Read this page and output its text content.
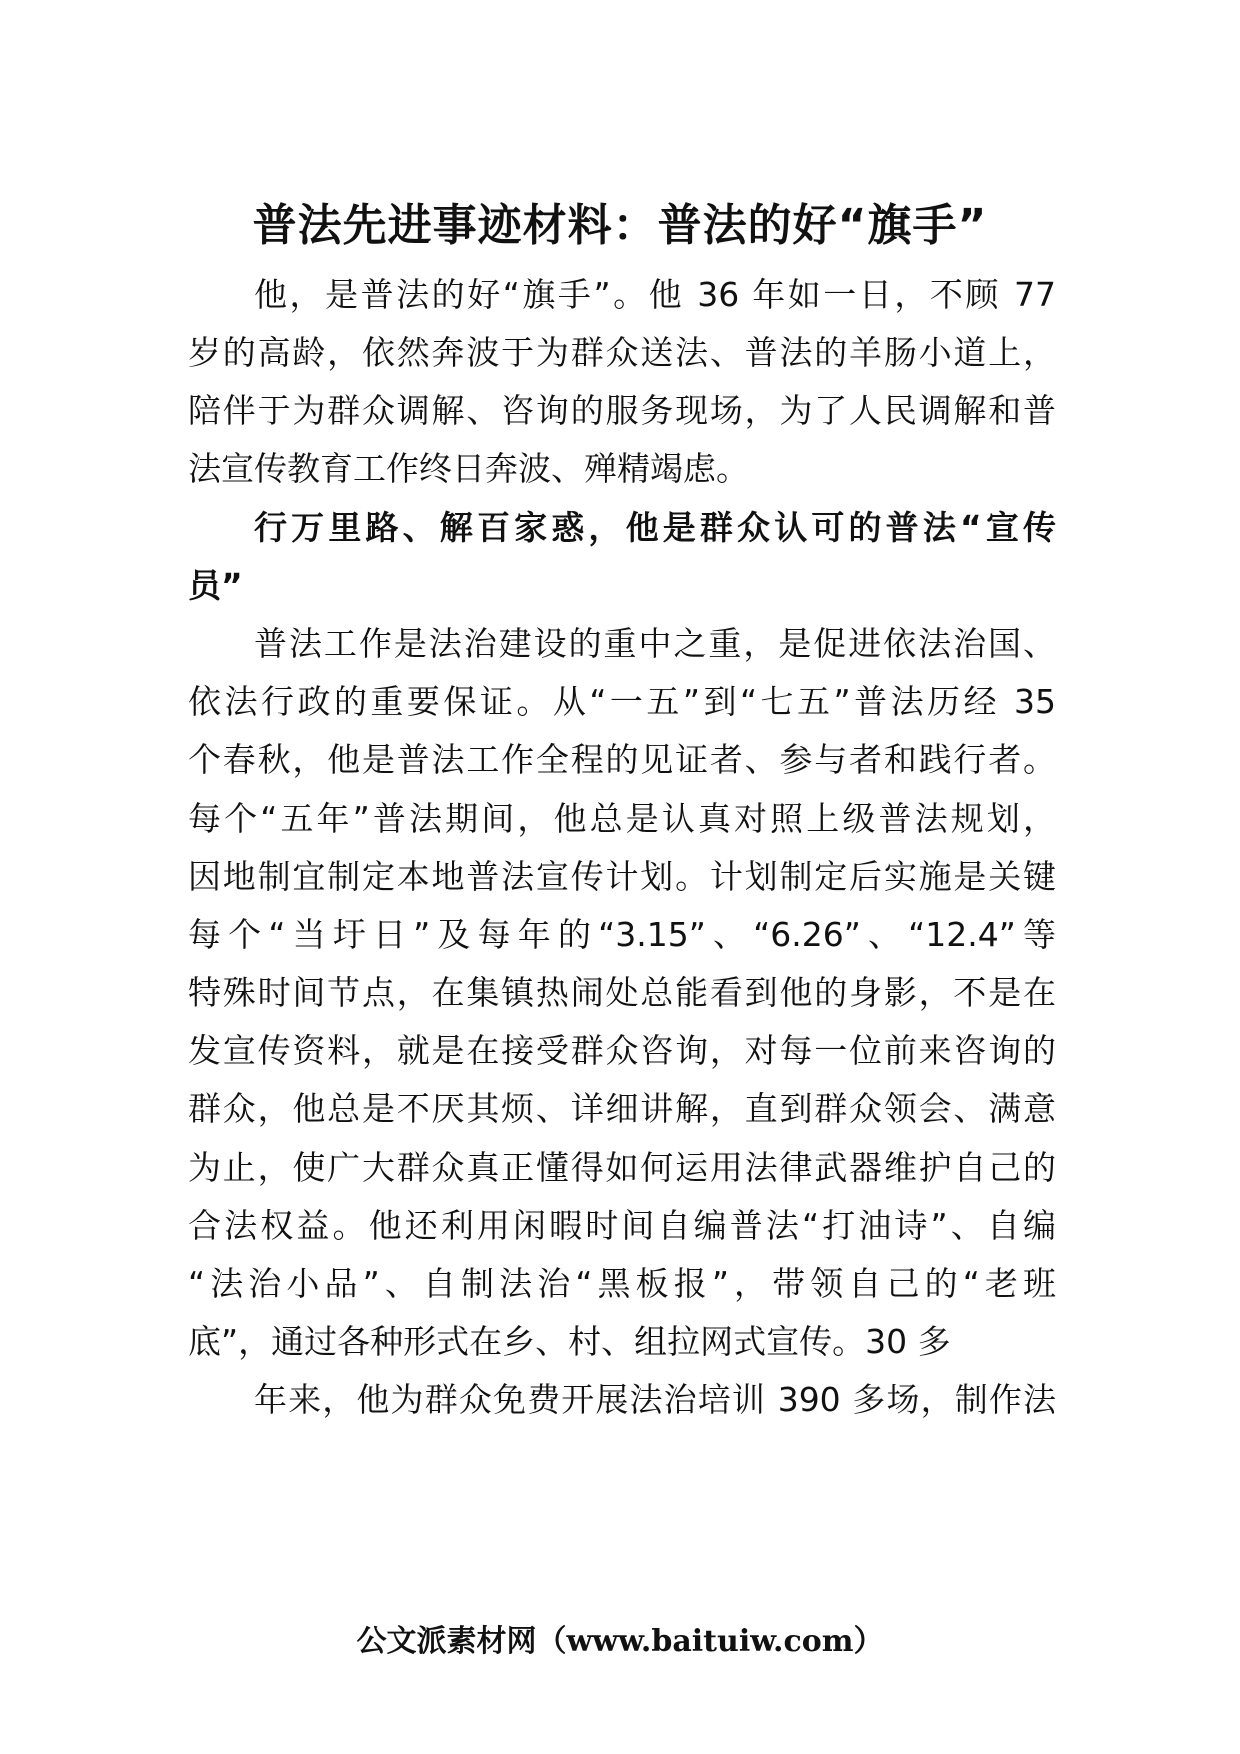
普法先进事迹材料：普法的好“旗手”
他，是普法的好“旗手”。他 36 年如一日，不顾 77
岁的高龄，依然奔波于为群众送法、普法的羊肠小道上，
陪伴于为群众调解、咨询的服务现场，为了人民调解和普
法宣传教育工作终日奔波、殚精竭虑。
行万里路、解百家惑，他是群众认可的普法“宣传
员”
普法工作是法治建设的重中之重，是促进依法治国、
依法行政的重要保证。从“一五”到“七五”普法历经 35
个春秋，他是普法工作全程的见证者、参与者和践行者。
每个“五年”普法期间，他总是认真对照上级普法规划，
因地制宜制定本地普法宣传计划。计划制定后实施是关键
每个“当圩日”及每年的“3.15”、“6.26”、“12.4”等
特殊时间节点，在集镇热闹处总能看到他的身影，不是在
发宣传资料，就是在接受群众咨询，对每一位前来咨询的
群众，他总是不厌其烦、详细讲解，直到群众领会、满意
为止，使广大群众真正懂得如何运用法律武器维护自己的
合法权益。他还利用闲暇时间自编普法“打油诗”、自编
“法治小品”、自制法治“黑板报”，带领自己的“老班
底”，通过各种形式在乡、村、组拉网式宣传。30 多
年来，他为群众免费开展法治培训 390 多场，制作法
公文派素材网（www.baituiw.com）
